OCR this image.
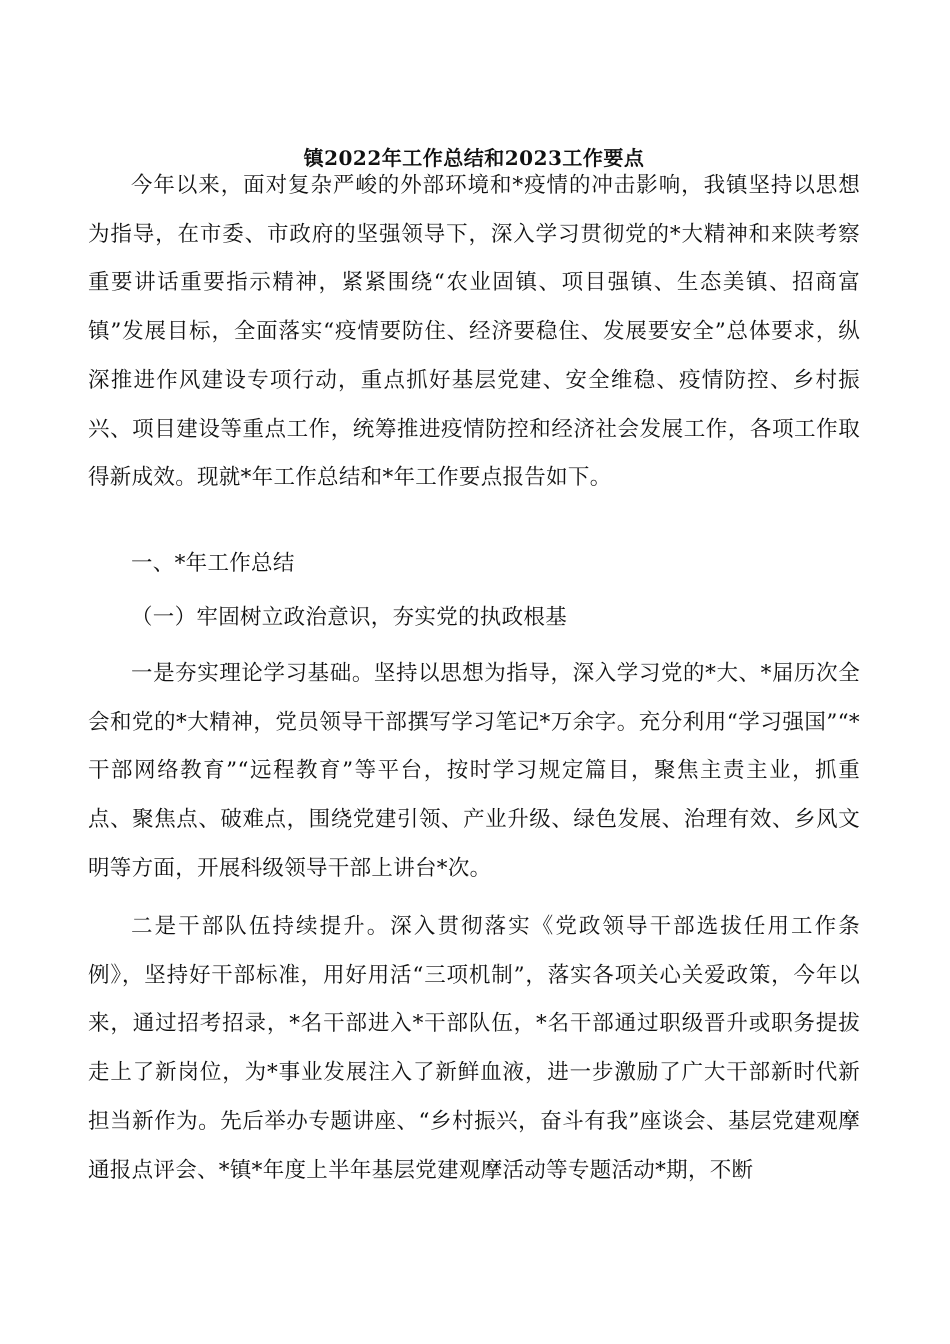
镇2022年工作总结和2023工作要点

今年以来，面对复杂严峻的外部环境和*疫情的冲击影响，我镇坚持以思想为指导，在市委、市政府的坚强领导下，深入学习贯彻党的*大精神和来陕考察重要讲话重要指示精神，紧紧围绕“农业固镇、项目强镇、生态美镇、招商富镇”发展目标，全面落实“疫情要防住、经济要稳住、发展要安全”总体要求，纵深推进作风建设专项行动，重点抓好基层党建、安全维稳、疫情防控、乡村振兴、项目建设等重点工作，统筹推进疫情防控和经济社会发展工作，各项工作取得新成效。现就*年工作总结和*年工作要点报告如下。

一、*年工作总结

（一）牢固树立政治意识，夯实党的执政根基

一是夯实理论学习基础。坚持以思想为指导，深入学习党的*大、*届历次全会和党的*大精神，党员领导干部撰写学习笔记*万余字。充分利用“学习强国”“*干部网络教育”“远程教育”等平台，按时学习规定篇目，聚焦主责主业，抓重点、聚焦点、破难点，围绕党建引领、产业升级、绿色发展、治理有效、乡风文明等方面，开展科级领导干部上讲台*次。

二是干部队伍持续提升。深入贯彻落实《党政领导干部选拔任用工作条例》，坚持好干部标准，用好用活“三项机制”，落实各项关心关爱政策，今年以来，通过招考招录，*名干部进入*干部队伍，*名干部通过职级晋升或职务提拔走上了新岗位，为*事业发展注入了新鲜血液，进一步激励了广大干部新时代新担当新作为。先后举办专题讲座、“乡村振兴，奋斗有我”座谈会、基层党建观摩通报点评会、*镇*年度上半年基层党建观摩活动等专题活动*期，不断
